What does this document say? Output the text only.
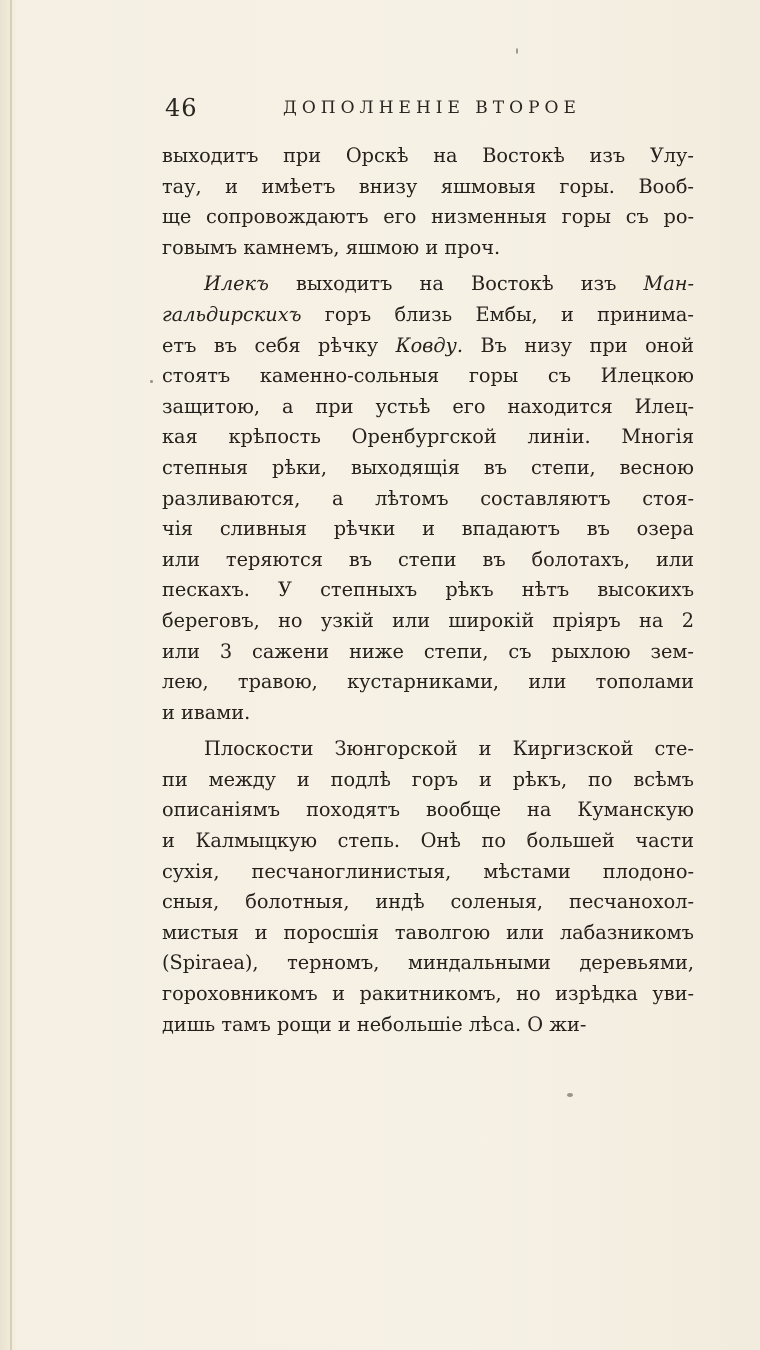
46	ДОПОЛНЕНІЕ ВТОРОЕ
выходитъ при Орскѣ на Востокѣ изъ Улу-
тау, и имѣетъ внизу яшмовыя горы. Вооб-
ще сопровождаютъ его низменныя горы съ ро-
говымъ камнемъ, яшмою и проч.
Илекъ выходитъ на Востокѣ изъ Ман-
гальдирскихъ горъ близь Ембы, и принима-
етъ въ себя рѣчку Ковду. Въ низу при оной
стоятъ каменно-сольныя горы съ Илецкою
защитою, а при устьѣ его находится Илец-
кая крѣпость Оренбургской линіи. Многія
степныя рѣки, выходящія въ степи, весною
разливаются, а лѣтомъ составляютъ стоя-
чія сливныя рѣчки и впадаютъ въ озера
или теряются въ степи въ болотахъ, или
пескахъ. У степныхъ рѣкъ нѣтъ высокихъ
береговъ, но узкій или широкій пріяръ на 2
или 3 сажени ниже степи, съ рыхлою зем-
лею, травою, кустарниками, или тополами
и ивами.
Плоскости Зюнгорской и Киргизской сте-
пи между и подлѣ горъ и рѣкъ, по всѣмъ
описаніямъ походятъ вообще на Куманскую
и Калмыцкую степь. Онѣ по большей части
сухія, песчаноглинистыя, мѣстами плодоно-
сныя, болотныя, индѣ соленыя, песчанохол-
мистыя и поросшія таволгою или лабазникомъ
(Spiraea), терномъ, миндальными деревьями,
гороховникомъ и ракитникомъ, но изрѣдка уви-
дишь тамъ рощи и небольшіе лѣса. О жи-
